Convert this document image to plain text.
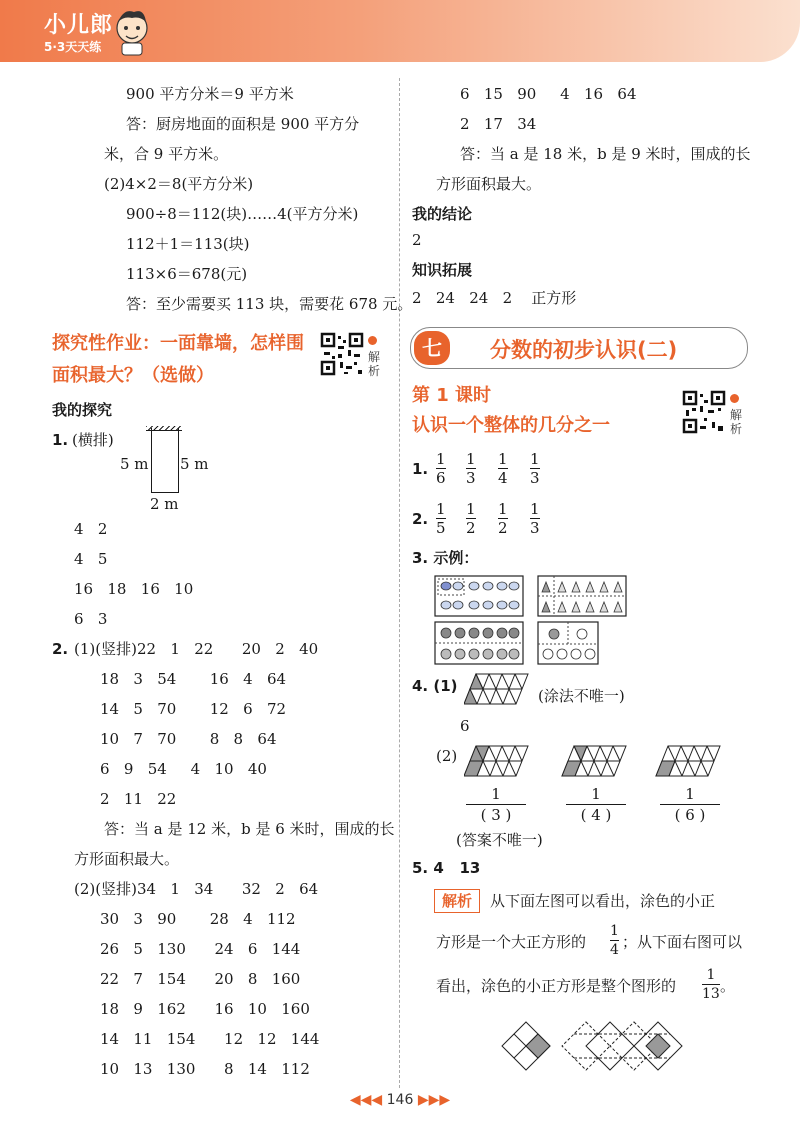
小儿郎
5·3天天练
900 平方分米＝9 平方米
答：厨房地面的面积是 900 平方分
米，合 9 平方米。
(2)4×2＝8(平方分米)
900÷8＝112(块)……4(平方分米)
112＋1＝113(块)
113×6＝678(元)
答：至少需要买 113 块，需要花 678 元。
探究性作业：一面靠墙，怎样围
面积最大？（选做）
解析
我的探究
1. (横排)
5 m 5 m
2 m
4   2
4   5
16   18   16   10
6   3
2. (1)(竖排)22   1   22      20   2   40
18   3   54       16   4   64
14   5   70       12   6   72
10   7   70       8   8   64
6   9   54     4   10   40
2   11   22
答：当 a 是 12 米，b 是 6 米时，围成的长
方形面积最大。
(2)(竖排)34   1   34      32   2   64
30   3   90       28   4   112
26   5   130      24   6   144
22   7   154      20   8   160
18   9   162      16   10   160
14   11   154      12   12   144
10   13   130      8   14   112
6   15   90     4   16   64
2   17   34
答：当 a 是 18 米，b 是 9 米时，围成的长
方形面积最大。
我的结论
2
知识拓展
2   24   24   2    正方形
七	分数的初步认识(二)
第 1 课时
认识一个整体的几分之一	解析
1.
1
6
1
3
1
4
1
3
2.
1
5
1
2
1
2
1
3
3. 示例：
4. (1)
(涂法不唯一)
6
(2)
1
( 3 )
1
( 4 )
1
( 6 )
(答案不唯一)
5. 4   13
解析	从下面左图可以看出，涂色的小正
方形是一个大正方形的
1
4 ；从下面右图可以
看出，涂色的小正方形是整个图形的
1
13 。
◀◀◀ 146 ▶▶▶
